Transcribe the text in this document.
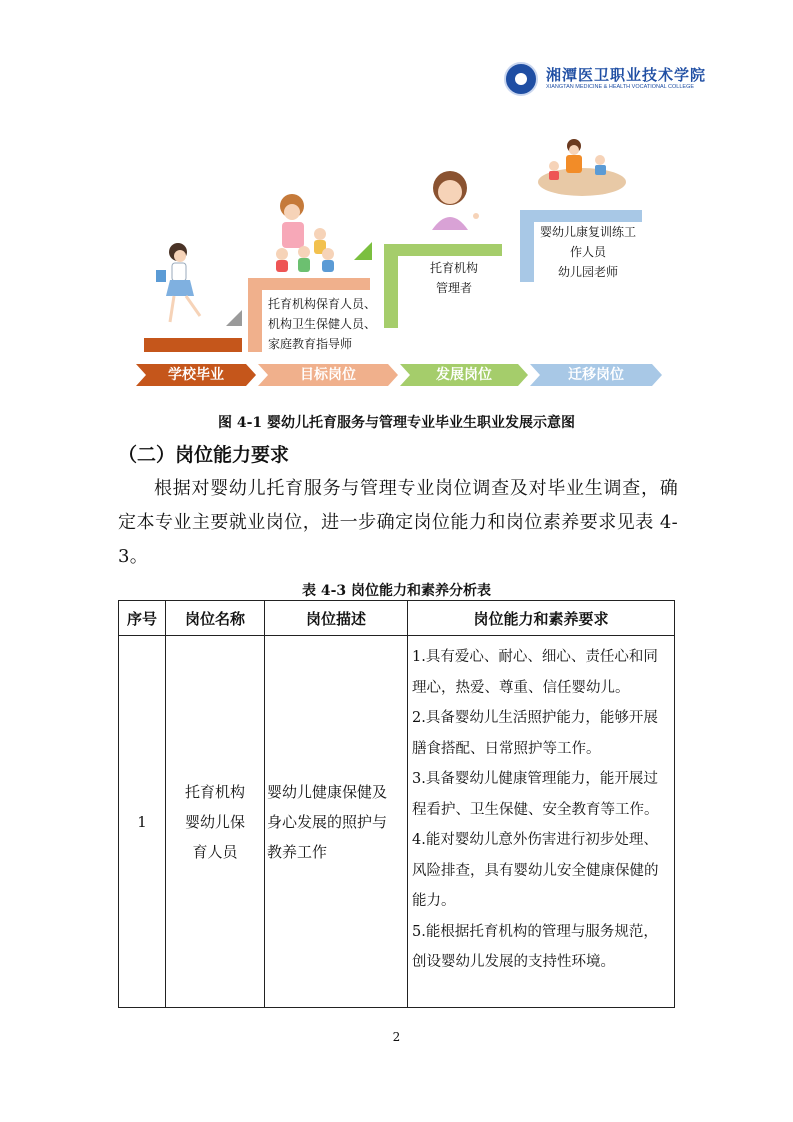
湘潭医卫职业技术学院
XIANGTAN MEDICINE & HEALTH VOCATIONAL COLLEGE
托育机构保育人员、
机构卫生保健人员、
家庭教育指导师
托育机构
管理者
婴幼儿康复训练工
作人员
幼儿园老师
学校毕业	目标岗位	发展岗位	迁移岗位
图 4-1 婴幼儿托育服务与管理专业毕业生职业发展示意图
（二）岗位能力要求
根据对婴幼儿托育服务与管理专业岗位调查及对毕业生调查，确定本专业主要就业岗位，进一步确定岗位能力和岗位素养要求见表 4-3。
表 4-3 岗位能力和素养分析表
序号	岗位名称	岗位描述	岗位能力和素养要求
1	托育机构婴幼儿保育人员	婴幼儿健康保健及身心发展的照护与教养工作	1.具有爱心、耐心、细心、责任心和同理心，热爱、尊重、信任婴幼儿。
2.具备婴幼儿生活照护能力，能够开展膳食搭配、日常照护等工作。
3.具备婴幼儿健康管理能力，能开展过程看护、卫生保健、安全教育等工作。
4.能对婴幼儿意外伤害进行初步处理、风险排查，具有婴幼儿安全健康保健的能力。
5.能根据托育机构的管理与服务规范，创设婴幼儿发展的支持性环境。
2
